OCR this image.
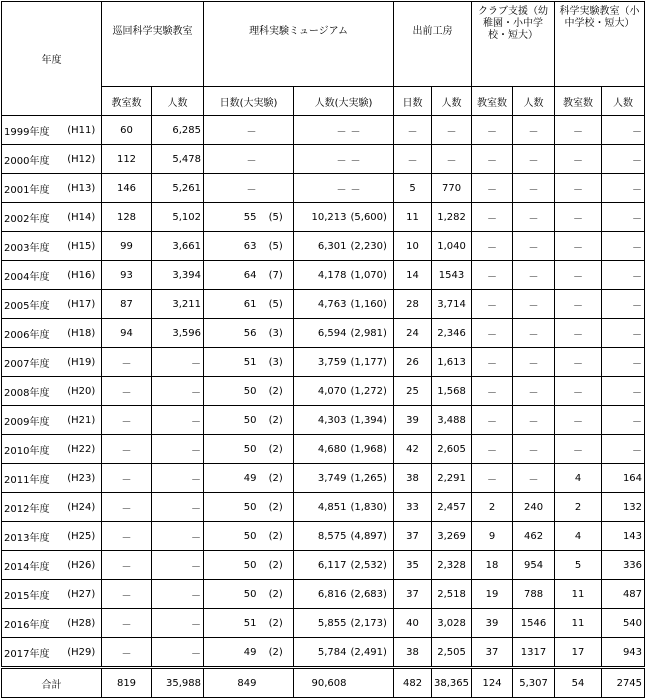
年度		巡回科学実験教室		理科実験ミュージアム				出前工房		クラブ支援（幼稚園・小中学校・短大）		科学実験教室（小中学校・短大）	
		教室数	人数	日数(大実験)		人数(大実験)		日数	人数	教室数	人数	教室数	人数
1999年度	(H11)	60	6,285	－		－	－	－	－	－	－	－	－
2000年度	(H12)	112	5,478	－		－	－	－	－	－	－	－	－
2001年度	(H13)	146	5,261	－		－	－	5	770	－	－	－	－
2002年度	(H14)	128	5,102	55	(5)	10,213	(5,600)	11	1,282	－	－	－	－
2003年度	(H15)	99	3,661	63	(5)	6,301	(2,230)	10	1,040	－	－	－	－
2004年度	(H16)	93	3,394	64	(7)	4,178	(1,070)	14	1543	－	－	－	－
2005年度	(H17)	87	3,211	61	(5)	4,763	(1,160)	28	3,714	－	－	－	－
2006年度	(H18)	94	3,596	56	(3)	6,594	(2,981)	24	2,346	－	－	－	－
2007年度	(H19)	－	－	51	(3)	3,759	(1,177)	26	1,613	－	－	－	－
2008年度	(H20)	－	－	50	(2)	4,070	(1,272)	25	1,568	－	－	－	－
2009年度	(H21)	－	－	50	(2)	4,303	(1,394)	39	3,488	－	－	－	－
2010年度	(H22)	－	－	50	(2)	4,680	(1,968)	42	2,605	－	－	－	－
2011年度	(H23)	－	－	49	(2)	3,749	(1,265)	38	2,291	－	－	4	164
2012年度	(H24)	－	－	50	(2)	4,851	(1,830)	33	2,457	2	240	2	132
2013年度	(H25)	－	－	50	(2)	8,575	(4,897)	37	3,269	9	462	4	143
2014年度	(H26)	－	－	50	(2)	6,117	(2,532)	35	2,328	18	954	5	336
2015年度	(H27)	－	－	50	(2)	6,816	(2,683)	37	2,518	19	788	11	487
2016年度	(H28)	－	－	51	(2)	5,855	(2,173)	40	3,028	39	1546	11	540
2017年度	(H29)	－	－	49	(2)	5,784	(2,491)	38	2,505	37	1317	17	943
合計		819	35,988	849		90,608		482	38,365	124	5,307	54	2745
